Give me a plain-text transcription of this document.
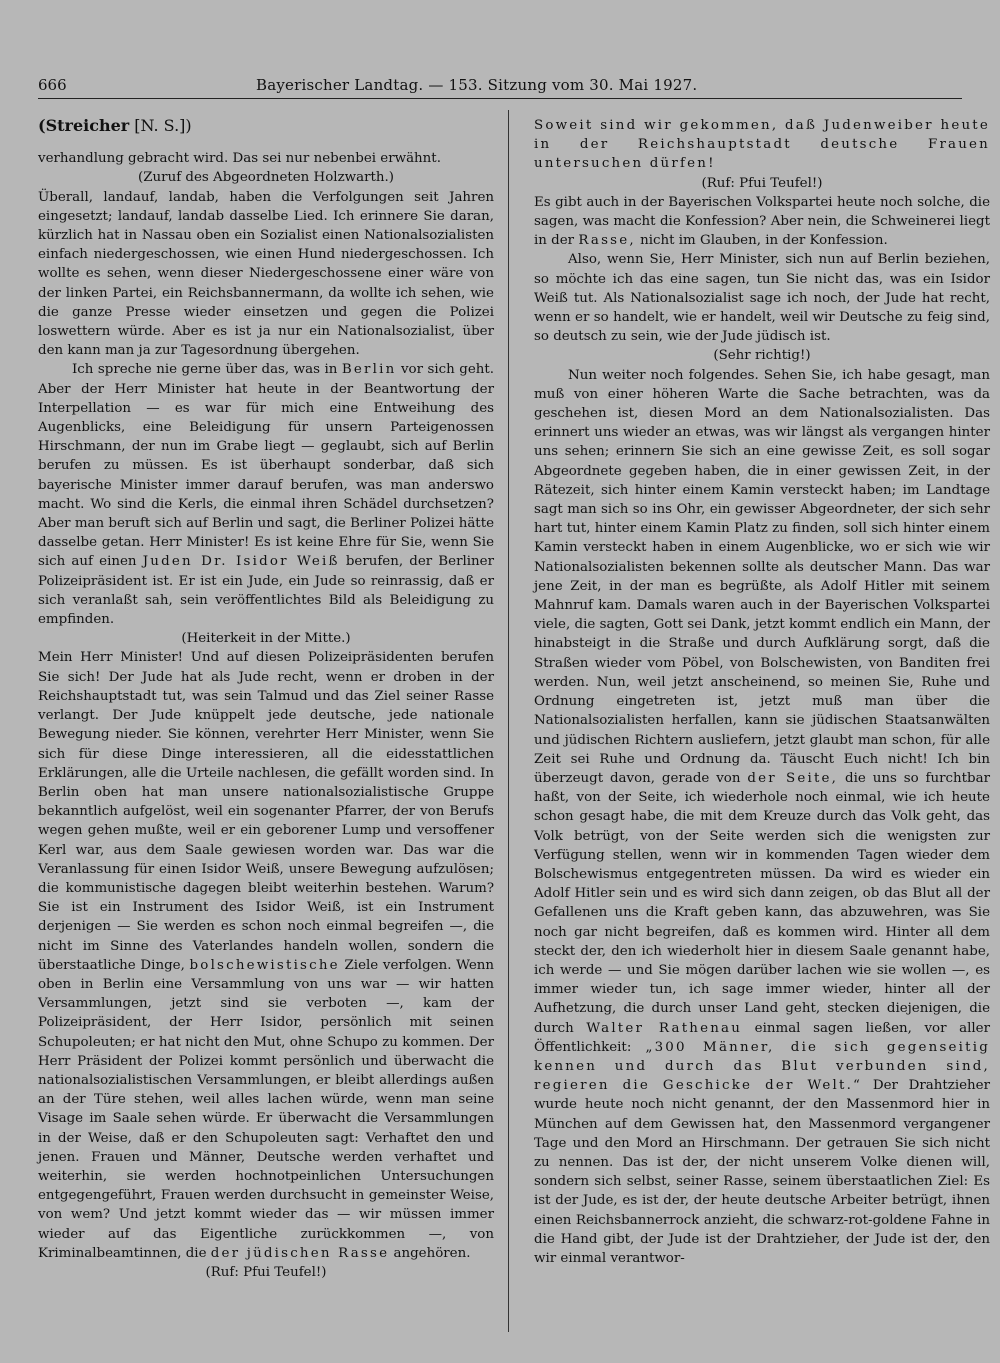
666	Bayerischer Landtag. — 153. Sitzung vom 30. Mai 1927.
(Streicher [N. S.])

verhandlung gebracht wird. Das sei nur nebenbei erwähnt.

(Zuruf des Abgeordneten Holzwarth.)

Überall, landauf, landab, haben die Verfolgungen seit Jahren eingesetzt; landauf, landab dasselbe Lied. Ich erinnere Sie daran, kürzlich hat in Nassau oben ein Sozialist einen Nationalsozialisten einfach niedergeschossen, wie einen Hund niedergeschossen. Ich wollte es sehen, wenn dieser Niedergeschossene einer wäre von der linken Partei, ein Reichsbannermann, da wollte ich sehen, wie die ganze Presse wieder einsetzen und gegen die Polizei loswettern würde. Aber es ist ja nur ein Nationalsozialist, über den kann man ja zur Tagesordnung übergehen.

Ich spreche nie gerne über das, was in Berlin vor sich geht. Aber der Herr Minister hat heute in der Beantwortung der Interpellation — es war für mich eine Entweihung des Augenblicks, eine Beleidigung für unsern Parteigenossen Hirschmann, der nun im Grabe liegt — geglaubt, sich auf Berlin berufen zu müssen. Es ist überhaupt sonderbar, daß sich bayerische Minister immer darauf berufen, was man anderswo macht. Wo sind die Kerls, die einmal ihren Schädel durchsetzen? Aber man beruft sich auf Berlin und sagt, die Berliner Polizei hätte dasselbe getan. Herr Minister! Es ist keine Ehre für Sie, wenn Sie sich auf einen Juden Dr. Isidor Weiß berufen, der Berliner Polizeipräsident ist. Er ist ein Jude, ein Jude so reinrassig, daß er sich veranlaßt sah, sein veröffentlichtes Bild als Beleidigung zu empfinden.

(Heiterkeit in der Mitte.)

Mein Herr Minister! Und auf diesen Polizeipräsidenten berufen Sie sich! Der Jude hat als Jude recht, wenn er droben in der Reichshauptstadt tut, was sein Talmud und das Ziel seiner Rasse verlangt. Der Jude knüppelt jede deutsche, jede nationale Bewegung nieder. Sie können, verehrter Herr Minister, wenn Sie sich für diese Dinge interessieren, all die eidesstattlichen Erklärungen, alle die Urteile nachlesen, die gefällt worden sind. In Berlin oben hat man unsere nationalsozialistische Gruppe bekanntlich aufgelöst, weil ein sogenanter Pfarrer, der von Berufs wegen gehen mußte, weil er ein geborener Lump und versoffener Kerl war, aus dem Saale gewiesen worden war. Das war die Veranlassung für einen Isidor Weiß, unsere Bewegung aufzulösen; die kommunistische dagegen bleibt weiterhin bestehen. Warum? Sie ist ein Instrument des Isidor Weiß, ist ein Instrument derjenigen — Sie werden es schon noch einmal begreifen —, die nicht im Sinne des Vaterlandes handeln wollen, sondern die überstaatliche Dinge, bolschewistische Ziele verfolgen. Wenn oben in Berlin eine Versammlung von uns war — wir hatten Versammlungen, jetzt sind sie verboten —, kam der Polizeipräsident, der Herr Isidor, persönlich mit seinen Schupoleuten; er hat nicht den Mut, ohne Schupo zu kommen. Der Herr Präsident der Polizei kommt persönlich und überwacht die nationalsozialistischen Versammlungen, er bleibt allerdings außen an der Türe stehen, weil alles lachen würde, wenn man seine Visage im Saale sehen würde. Er überwacht die Versammlungen in der Weise, daß er den Schupoleuten sagt: Verhaftet den und jenen. Frauen und Männer, Deutsche werden verhaftet und weiterhin, sie werden hochnotpeinlichen Untersuchungen entgegengeführt, Frauen werden durchsucht in gemeinster Weise, von wem? Und jetzt kommt wieder das — wir müssen immer wieder auf das Eigentliche zurückkommen —, von Kriminalbeamtinnen, die der jüdischen Rasse angehören.

(Ruf: Pfui Teufel!)

Soweit sind wir gekommen, daß Judenweiber heute in der Reichshauptstadt deutsche Frauen untersuchen dürfen!

(Ruf: Pfui Teufel!)

Es gibt auch in der Bayerischen Volkspartei heute noch solche, die sagen, was macht die Konfession? Aber nein, die Schweinerei liegt in der Rasse, nicht im Glauben, in der Konfession.

Also, wenn Sie, Herr Minister, sich nun auf Berlin beziehen, so möchte ich das eine sagen, tun Sie nicht das, was ein Isidor Weiß tut. Als Nationalsozialist sage ich noch, der Jude hat recht, wenn er so handelt, wie er handelt, weil wir Deutsche zu feig sind, so deutsch zu sein, wie der Jude jüdisch ist.

(Sehr richtig!)

Nun weiter noch folgendes. Sehen Sie, ich habe gesagt, man muß von einer höheren Warte die Sache betrachten, was da geschehen ist, diesen Mord an dem Nationalsozialisten. Das erinnert uns wieder an etwas, was wir längst als vergangen hinter uns sehen; erinnern Sie sich an eine gewisse Zeit, es soll sogar Abgeordnete gegeben haben, die in einer gewissen Zeit, in der Rätezeit, sich hinter einem Kamin versteckt haben; im Landtage sagt man sich so ins Ohr, ein gewisser Abgeordneter, der sich sehr hart tut, hinter einem Kamin Platz zu finden, soll sich hinter einem Kamin versteckt haben in einem Augenblicke, wo er sich wie wir Nationalsozialisten bekennen sollte als deutscher Mann. Das war jene Zeit, in der man es begrüßte, als Adolf Hitler mit seinem Mahnruf kam. Damals waren auch in der Bayerischen Volkspartei viele, die sagten, Gott sei Dank, jetzt kommt endlich ein Mann, der hinabsteigt in die Straße und durch Aufklärung sorgt, daß die Straßen wieder vom Pöbel, von Bolschewisten, von Banditen frei werden. Nun, weil jetzt anscheinend, so meinen Sie, Ruhe und Ordnung eingetreten ist, jetzt muß man über die Nationalsozialisten herfallen, kann sie jüdischen Staatsanwälten und jüdischen Richtern ausliefern, jetzt glaubt man schon, für alle Zeit sei Ruhe und Ordnung da. Täuscht Euch nicht! Ich bin überzeugt davon, gerade von der Seite, die uns so furchtbar haßt, von der Seite, ich wiederhole noch einmal, wie ich heute schon gesagt habe, die mit dem Kreuze durch das Volk geht, das Volk betrügt, von der Seite werden sich die wenigsten zur Verfügung stellen, wenn wir in kommenden Tagen wieder dem Bolschewismus entgegentreten müssen. Da wird es wieder ein Adolf Hitler sein und es wird sich dann zeigen, ob das Blut all der Gefallenen uns die Kraft geben kann, das abzuwehren, was Sie noch gar nicht begreifen, daß es kommen wird. Hinter all dem steckt der, den ich wiederholt hier in diesem Saale genannt habe, ich werde — und Sie mögen darüber lachen wie sie wollen —, es immer wieder tun, ich sage immer wieder, hinter all der Aufhetzung, die durch unser Land geht, stecken diejenigen, die durch Walter Rathenau einmal sagen ließen, vor aller Öffentlichkeit: „300 Männer, die sich gegenseitig kennen und durch das Blut verbunden sind, regieren die Geschicke der Welt.“ Der Drahtzieher wurde heute noch nicht genannt, der den Massenmord hier in München auf dem Gewissen hat, den Massenmord vergangener Tage und den Mord an Hirschmann. Der getrauen Sie sich nicht zu nennen. Das ist der, der nicht unserem Volke dienen will, sondern sich selbst, seiner Rasse, seinem überstaatlichen Ziel: Es ist der Jude, es ist der, der heute deutsche Arbeiter betrügt, ihnen einen Reichsbannerrock anzieht, die schwarz-rot-goldene Fahne in die Hand gibt, der Jude ist der Drahtzieher, der Jude ist der, den wir einmal verantwor-
